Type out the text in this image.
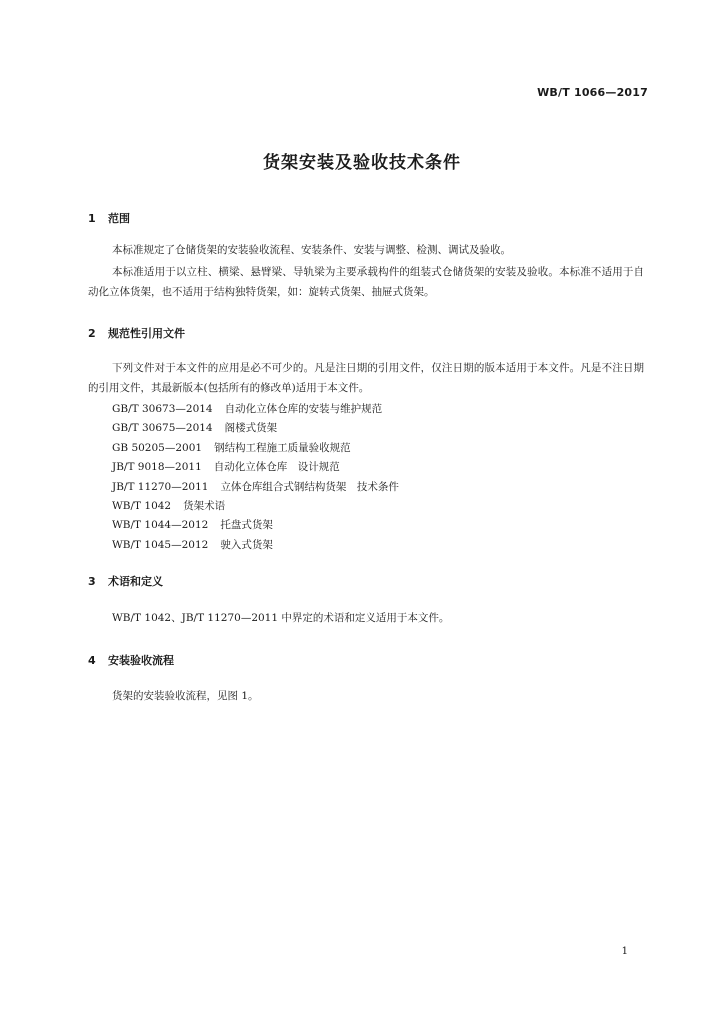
WB/T 1066—2017
货架安装及验收技术条件
1 范围
本标准规定了仓储货架的安装验收流程、安装条件、安装与调整、检测、调试及验收。
本标准适用于以立柱、横梁、悬臂梁、导轨梁为主要承载构件的组装式仓储货架的安装及验收。本标准不适用于自动化立体货架，也不适用于结构独特货架，如：旋转式货架、抽屉式货架。
2 规范性引用文件
下列文件对于本文件的应用是必不可少的。凡是注日期的引用文件，仅注日期的版本适用于本文件。凡是不注日期的引用文件，其最新版本(包括所有的修改单)适用于本文件。
GB/T 30673—2014 自动化立体仓库的安装与维护规范
GB/T 30675—2014 阁楼式货架
GB 50205—2001 钢结构工程施工质量验收规范
JB/T 9018—2011 自动化立体仓库　设计规范
JB/T 11270—2011 立体仓库组合式钢结构货架　技术条件
WB/T 1042 货架术语
WB/T 1044—2012 托盘式货架
WB/T 1045—2012 驶入式货架
3 术语和定义
WB/T 1042、JB/T 11270—2011 中界定的术语和定义适用于本文件。
4 安装验收流程
货架的安装验收流程，见图 1。
1
